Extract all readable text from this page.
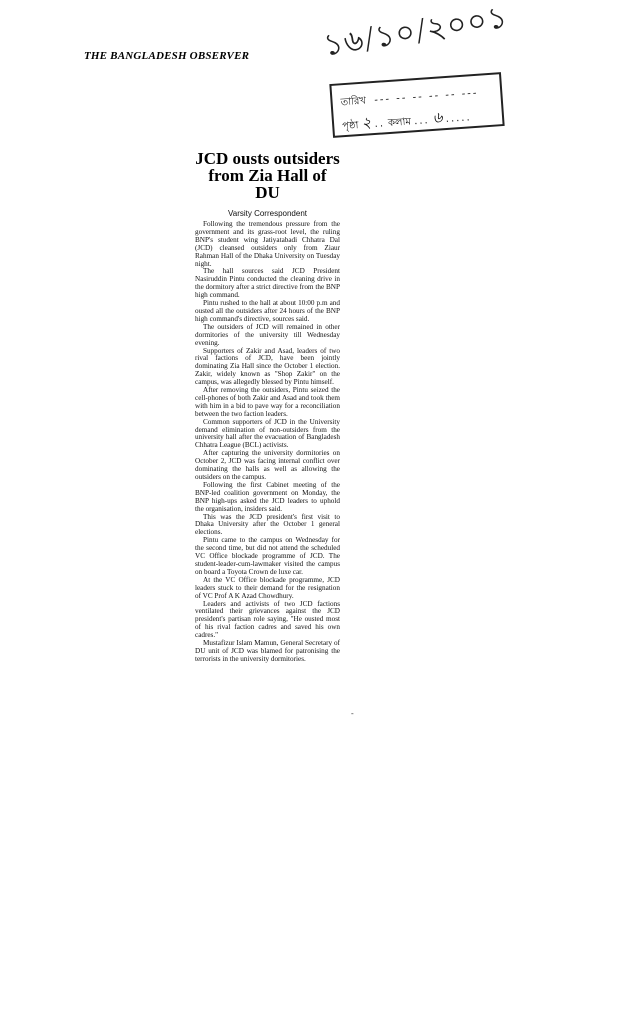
THE BANGLADESH OBSERVER ১৬/১০/২০০১
তারিখ  --- -- -- -- -- ---
পৃষ্ঠা ২ .. কলাম ... ৬ .....
JCD ousts outsiders from Zia Hall of DU
Varsity Correspondent

Following the tremendous pressure from the government and its grass-root level, the ruling BNP's student wing Jatiyatabadi Chhatra Dal (JCD) cleansed outsiders only from Ziaur Rahman Hall of the Dhaka University on Tuesday night.

The hall sources said JCD President Nasiruddin Pintu conducted the cleaning drive in the dormitory after a strict directive from the BNP high command.

Pintu rushed to the hall at about 10:00 p.m and ousted all the outsiders after 24 hours of the BNP high command's directive, sources said.

The outsiders of JCD will remained in other dormitories of the university till Wednesday evening.

Supporters of Zakir and Asad, leaders of two rival factions of JCD, have been jointly dominating Zia Hall since the October 1 election. Zakir, widely known as "Shop Zakir" on the campus, was allegedly blessed by Pintu himself.

After removing the outsiders, Pintu seized the cell-phones of both Zakir and Asad and took them with him in a bid to pave way for a reconciliation between the two faction leaders.

Common supporters of JCD in the University demand elimination of non-outsiders from the university hall after the evacuation of Bangladesh Chhatra League (BCL) activists.

After capturing the university dormitories on October 2, JCD was facing internal conflict over dominating the halls as well as allowing the outsiders on the campus.

Following the first Cabinet meeting of the BNP-led coalition government on Monday, the BNP high-ups asked the JCD leaders to uphold the organisation, insiders said.

This was the JCD president's first visit to Dhaka University after the October 1 general elections.

Pintu came to the campus on Wednesday for the second time, but did not attend the scheduled VC Office blockade programme of JCD. The student-leader-cum-lawmaker visited the campus on board a Toyota Crown de luxe car.

At the VC Office blockade programme, JCD leaders stuck to their demand for the resignation of VC Prof A K Azad Chowdhury.

Leaders and activists of two JCD factions ventilated their grievances against the JCD president's partisan role saying, "He ousted most of his rival faction cadres and saved his own cadres."

Mustafizur Islam Mamun, General Secretary of DU unit of JCD was blamed for patronising the terrorists in the university dormitories.

-
